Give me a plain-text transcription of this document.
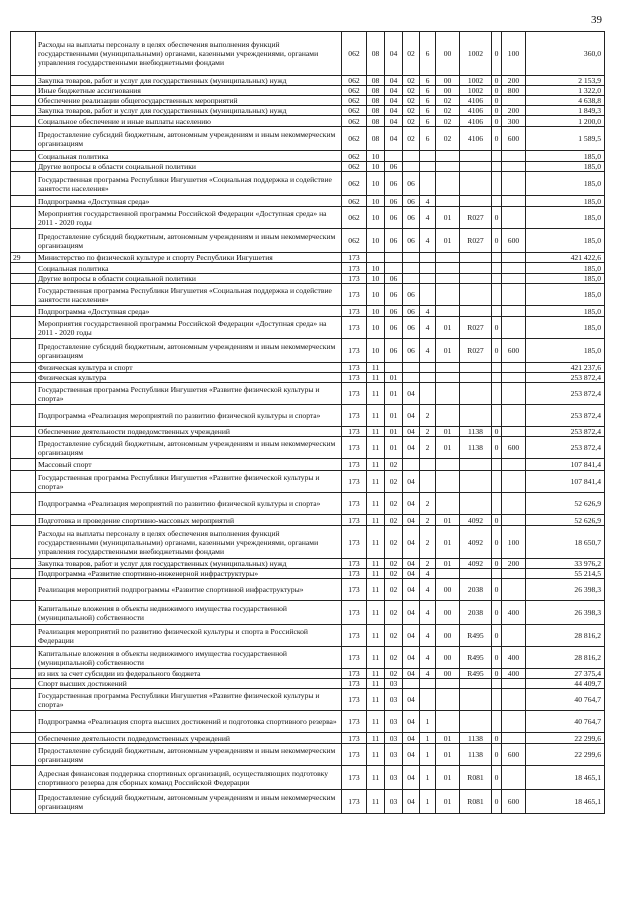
39
	Расходы на выплаты персоналу в целях обеспечения выполнения функций государственными (муниципальными) органами, казенными учреждениями, органами управления государственными внебюджетными фондами	062	08	04	02	6	00	1002	0	100	360,0
	Закупка товаров, работ и услуг для государственных (муниципальных) нужд	062	08	04	02	6	00	1002	0	200	2 153,9
	Иные бюджетные ассигнования	062	08	04	02	6	00	1002	0	800	1 322,0
	Обеспечение реализации общегосударственных мероприятий	062	08	04	02	6	02	4106	0		4 638,8
	Закупка товаров, работ и услуг для государственных (муниципальных) нужд	062	08	04	02	6	02	4106	0	200	1 849,3
	Социальное обеспечение и иные выплаты населению	062	08	04	02	6	02	4106	0	300	1 200,0
	Предоставление субсидий бюджетным, автономным учреждениям и иным некоммерческим организациям	062	08	04	02	6	02	4106	0	600	1 589,5
	Социальная политика	062	10								185,0
	Другие вопросы в области социальной политики	062	10	06							185,0
	Государственная программа Республики Ингушетия «Социальная поддержка и содействие занятости населения»	062	10	06	06						185,0
	Подпрограмма «Доступная среда»	062	10	06	06	4					185,0
	Мероприятия государственной программы Российской Федерации «Доступная среда» на 2011 - 2020 годы	062	10	06	06	4	01	R027	0		185,0
	Предоставление субсидий бюджетным, автономным учреждениям и иным некоммерческим организациям	062	10	06	06	4	01	R027	0	600	185,0
29	Министерство по физической культуре и спорту Республики Ингушетия	173									421 422,6
	Социальная политика	173	10								185,0
	Другие вопросы в области социальной политики	173	10	06							185,0
	Государственная программа Республики Ингушетия «Социальная поддержка и содействие занятости населения»	173	10	06	06						185,0
	Подпрограмма «Доступная среда»	173	10	06	06	4					185,0
	Мероприятия государственной программы Российской Федерации «Доступная среда» на 2011 - 2020 годы	173	10	06	06	4	01	R027	0		185,0
	Предоставление субсидий бюджетным, автономным учреждениям и иным некоммерческим организациям	173	10	06	06	4	01	R027	0	600	185,0
	Физическая культура и спорт	173	11								421 237,6
	Физическая культура	173	11	01							253 872,4
	Государственная программа Республики Ингушетия «Развитие физической культуры и спорта»	173	11	01	04						253 872,4
	Подпрограмма «Реализация мероприятий по развитию физической культуры и спорта»	173	11	01	04	2					253 872,4
	Обеспечение деятельности подведомственных учреждений	173	11	01	04	2	01	1138	0		253 872,4
	Предоставление субсидий бюджетным, автономным учреждениям и иным некоммерческим организациям	173	11	01	04	2	01	1138	0	600	253 872,4
	Массовый спорт	173	11	02							107 841,4
	Государственная программа Республики Ингушетия «Развитие физической культуры и спорта»	173	11	02	04						107 841,4
	Подпрограмма «Реализация мероприятий по развитию физической культуры и спорта»	173	11	02	04	2					52 626,9
	Подготовка и проведение спортивно-массовых мероприятий	173	11	02	04	2	01	4092	0		52 626,9
	Расходы на выплаты персоналу в целях обеспечения выполнения функций государственными (муниципальными) органами, казенными учреждениями, органами управления государственными внебюджетными фондами	173	11	02	04	2	01	4092	0	100	18 650,7
	Закупка товаров, работ и услуг для государственных (муниципальных) нужд	173	11	02	04	2	01	4092	0	200	33 976,2
	Подпрограмма «Развитие спортивно-инженерной инфраструктуры»	173	11	02	04	4					55 214,5
	Реализация мероприятий подпрограммы «Развитие спортивной инфраструктуры»	173	11	02	04	4	00	2038	0		26 398,3
	Капитальные вложения в объекты недвижимого имущества государственной (муниципальной) собственности	173	11	02	04	4	00	2038	0	400	26 398,3
	Реализация мероприятий по развитию физической культуры и спорта в Российской Федерации	173	11	02	04	4	00	R495	0		28 816,2
	Капитальные вложения в объекты недвижимого имущества государственной (муниципальной) собственности	173	11	02	04	4	00	R495	0	400	28 816,2
	из них за счет субсидии из федерального бюджета	173	11	02	04	4	00	R495	0	400	27 375,4
	Спорт высших достижений	173	11	03							44 409,7
	Государственная программа Республики Ингушетия «Развитие физической культуры и спорта»	173	11	03	04						40 764,7
	Подпрограмма «Реализация спорта высших достижений и подготовка спортивного резерва»	173	11	03	04	1					40 764,7
	Обеспечение деятельности подведомственных учреждений	173	11	03	04	1	01	1138	0		22 299,6
	Предоставление субсидий бюджетным, автономным учреждениям и иным некоммерческим организациям	173	11	03	04	1	01	1138	0	600	22 299,6
	Адресная финансовая поддержка спортивных организаций, осуществляющих подготовку спортивного резерва для сборных команд Российской Федерации	173	11	03	04	1	01	R081	0		18 465,1
	Предоставление субсидий бюджетным, автономным учреждениям и иным некоммерческим организациям	173	11	03	04	1	01	R081	0	600	18 465,1
